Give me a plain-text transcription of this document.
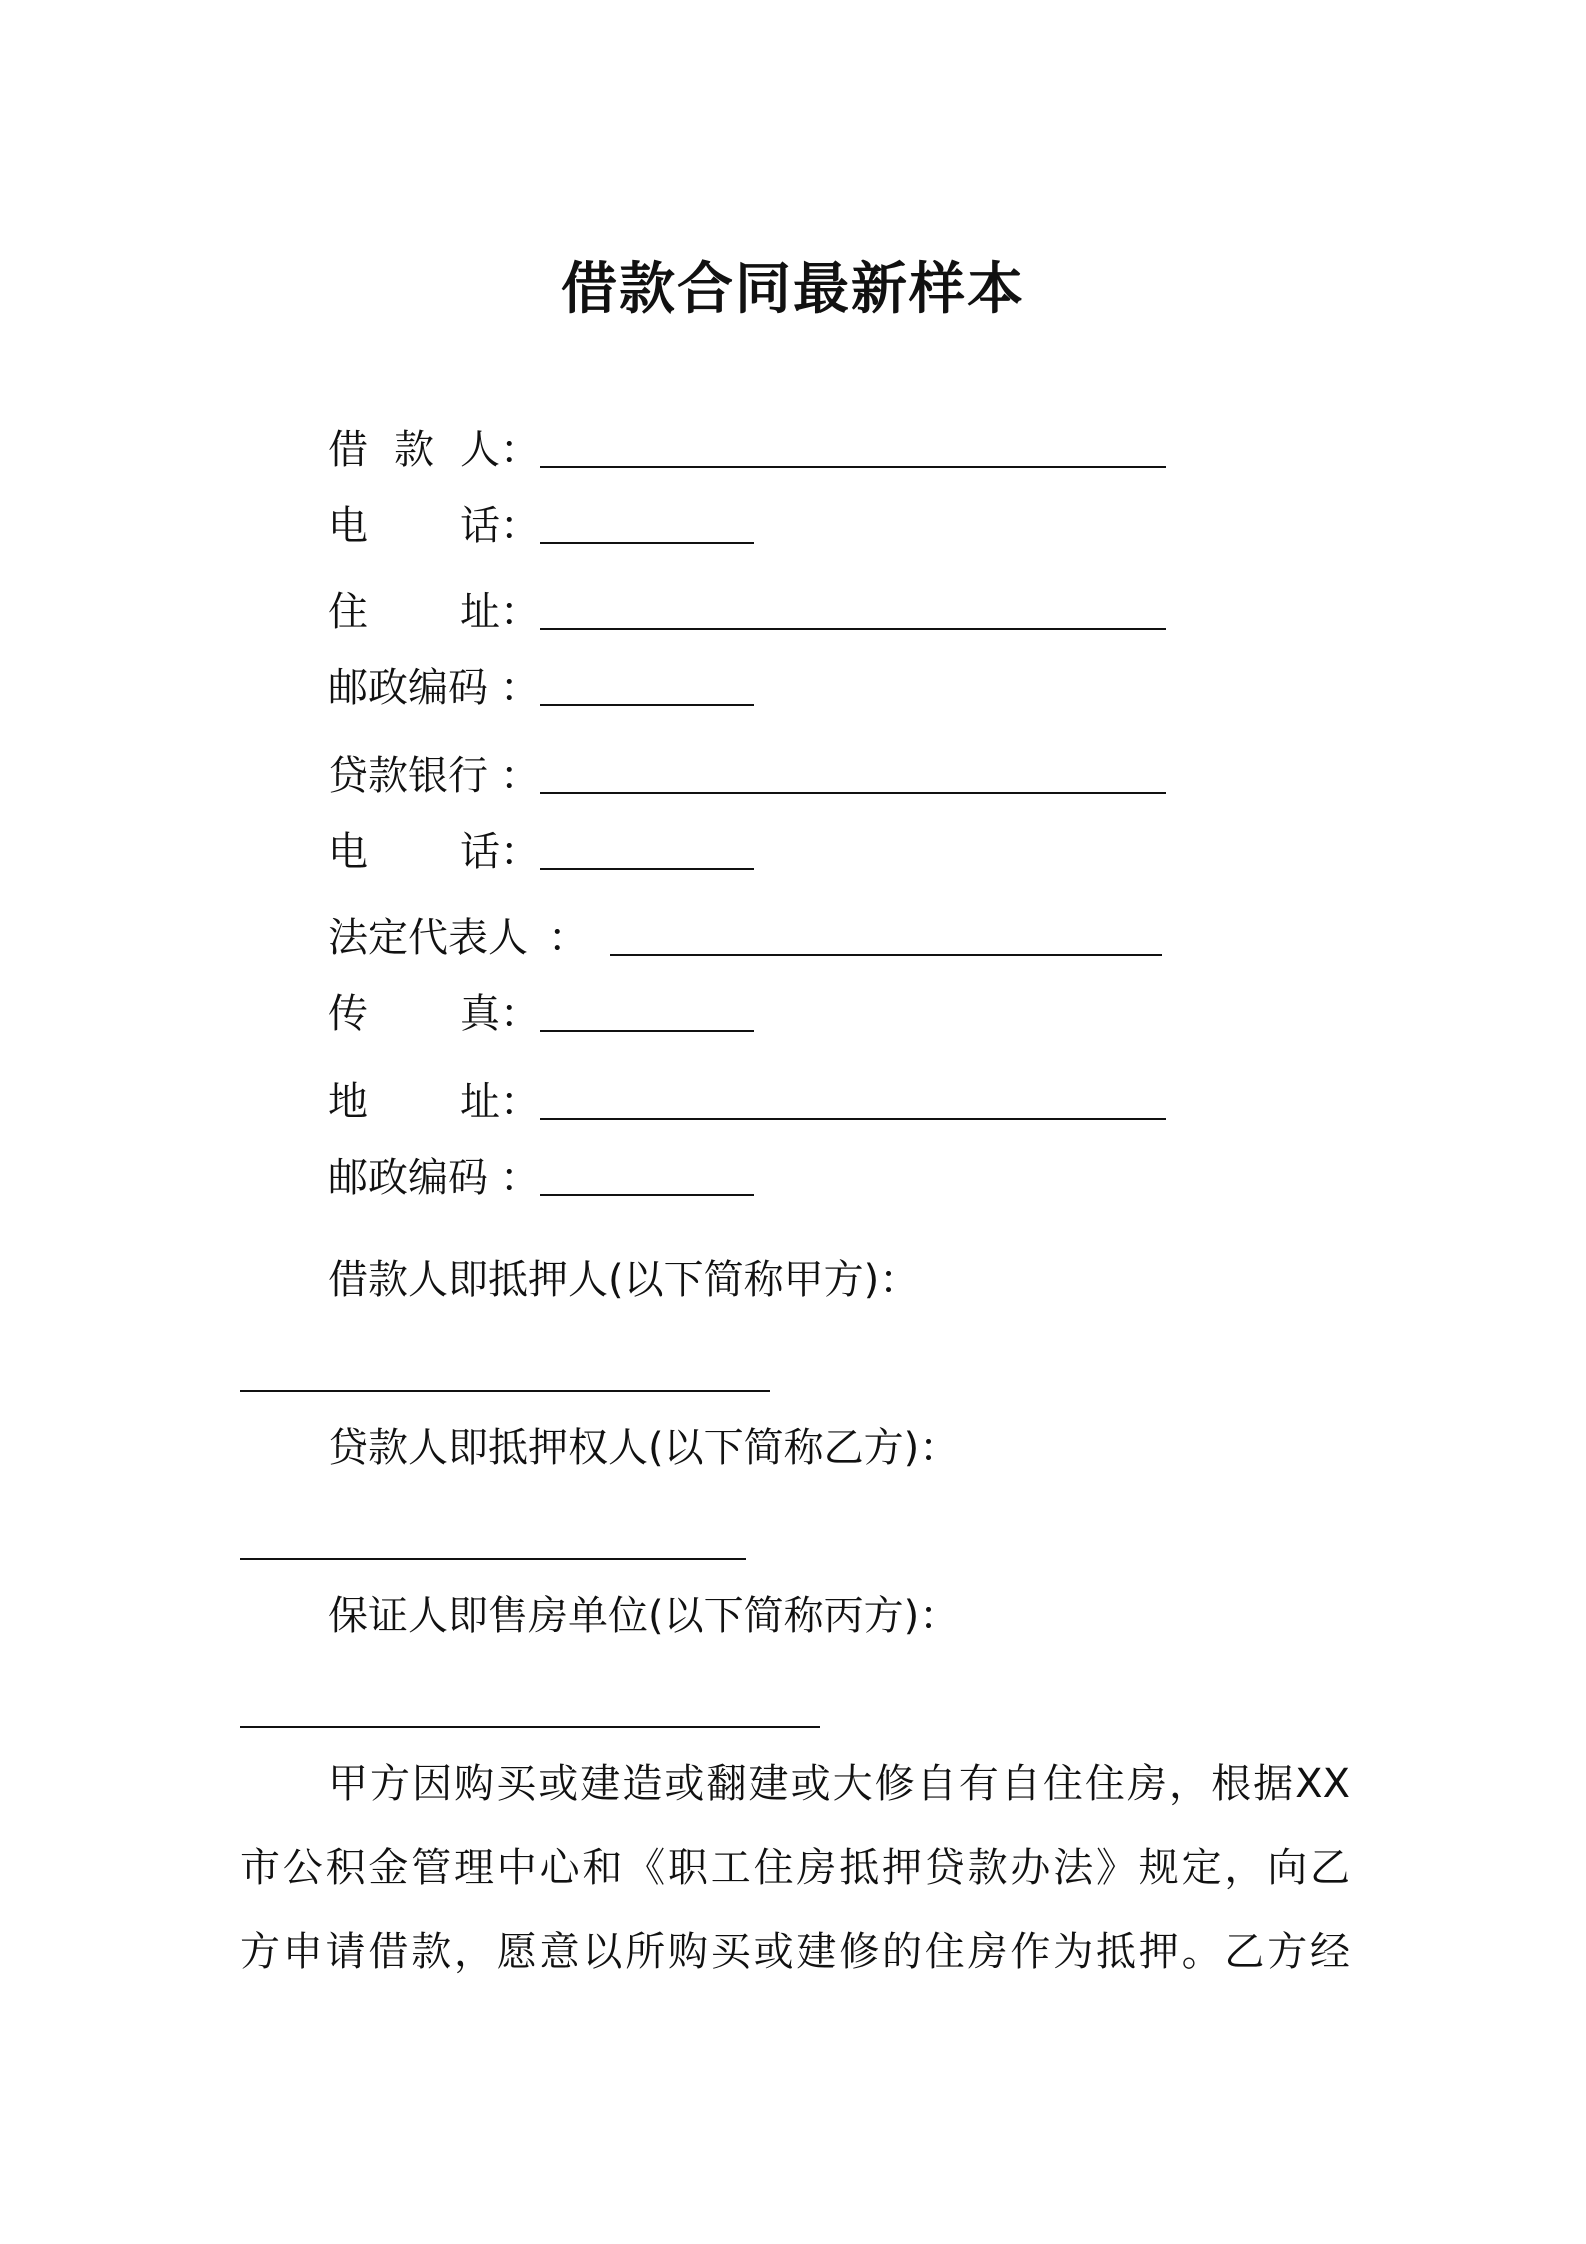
借款合同最新样本
借 款 人 ：
电 话 ：
住 址 ：
邮政编码 ：
贷款银行 ：
电 话 ：
法定代表人 ：
传 真 ：
地 址 ：
邮政编码 ：
借款人即抵押人(以下简称甲方)：
贷款人即抵押权人(以下简称乙方)：
保证人即售房单位(以下简称丙方)：
甲方因购买或建造或翻建或大修自有自住住房，根据XX
市公积金管理中心和《职工住房抵押贷款办法》规定，向乙
方申请借款，愿意以所购买或建修的住房作为抵押。乙方经
